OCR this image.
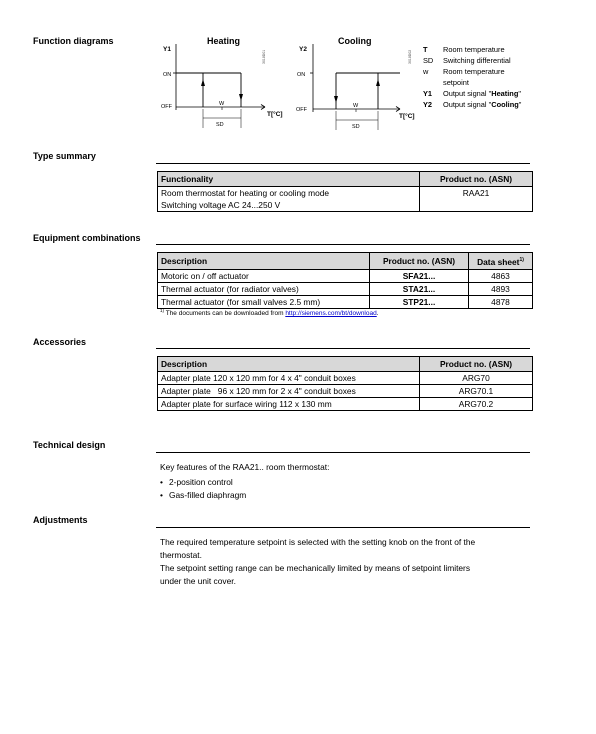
Function diagrams	Heating
Y1
3018D01
ON
OFF	W
SD
T[°C]
Cooling
Y2
3018D02
ON
OFF
W
SD
T[°C]
T	Room temperature
SD	Switching differential
w	Room temperature
setpoint
Y1	Output signal "Heating"
Y2	Output signal "Cooling"
Type summary
Functionality	Product no. (ASN)
Room thermostat for heating or cooling mode	RAA21
Switching voltage AC 24...250 V	
Equipment combinations
Description	Product no. (ASN)	Data sheet$^{1)}$
Motoric on / off actuator	SFA21...	4863
Thermal actuator (for radiator valves)	STA21...	4893
Thermal actuator (for small valves 2.5 mm)	STP21...	4878
$^{1)}$ The documents can be downloaded from http://siemens.com/bt/download.
Accessories
Description	Product no. (ASN)
Adapter plate 120 x 120 mm for 4 x 4" conduit boxes	ARG70
Adapter plate   96 x 120 mm for 2 x 4" conduit boxes	ARG70.1
Adapter plate for surface wiring 112 x 130 mm	ARG70.2
Technical design
Key features of the RAA21.. room thermostat:
• 2-position control
• Gas-filled diaphragm
Adjustments
The required temperature setpoint is selected with the setting knob on the front of the
thermostat.
The setpoint setting range can be mechanically limited by means of setpoint limiters
under the unit cover.
